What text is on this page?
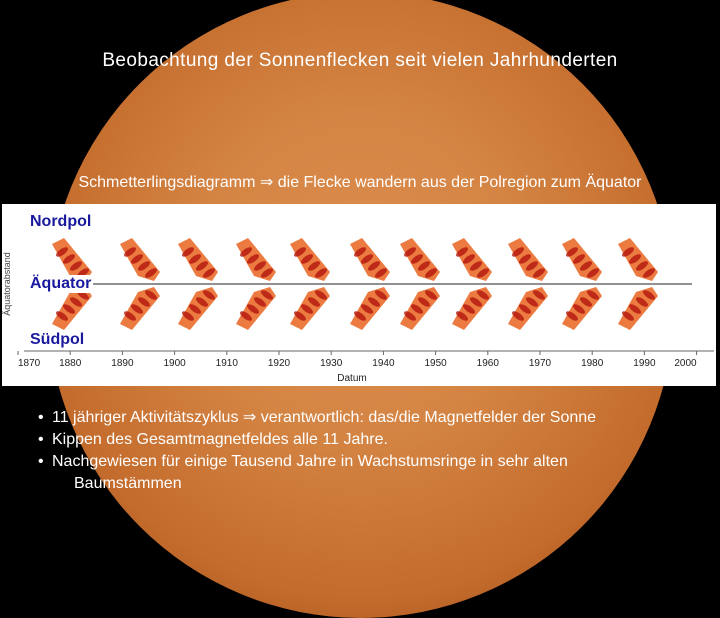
Beobachtung der Sonnenflecken seit vielen Jahrhunderten
Schmetterlingsdiagramm ⇒ die Flecke wandern aus der Polregion zum Äquator
1870 1880	1890	1900	1910	1920	1930	1940	1950	1960	1970	1980	1990 2000
Äquatorabstand
Datum
Nordpol
Äquator
Südpol
• 11 jähriger Aktivitätszyklus ⇒ verantwortlich: das/die Magnetfelder der Sonne
• Kippen des Gesamtmagnetfeldes alle 11 Jahre.
• Nachgewiesen für einige Tausend Jahre in Wachstumsringe in sehr alten
Baumstämmen
